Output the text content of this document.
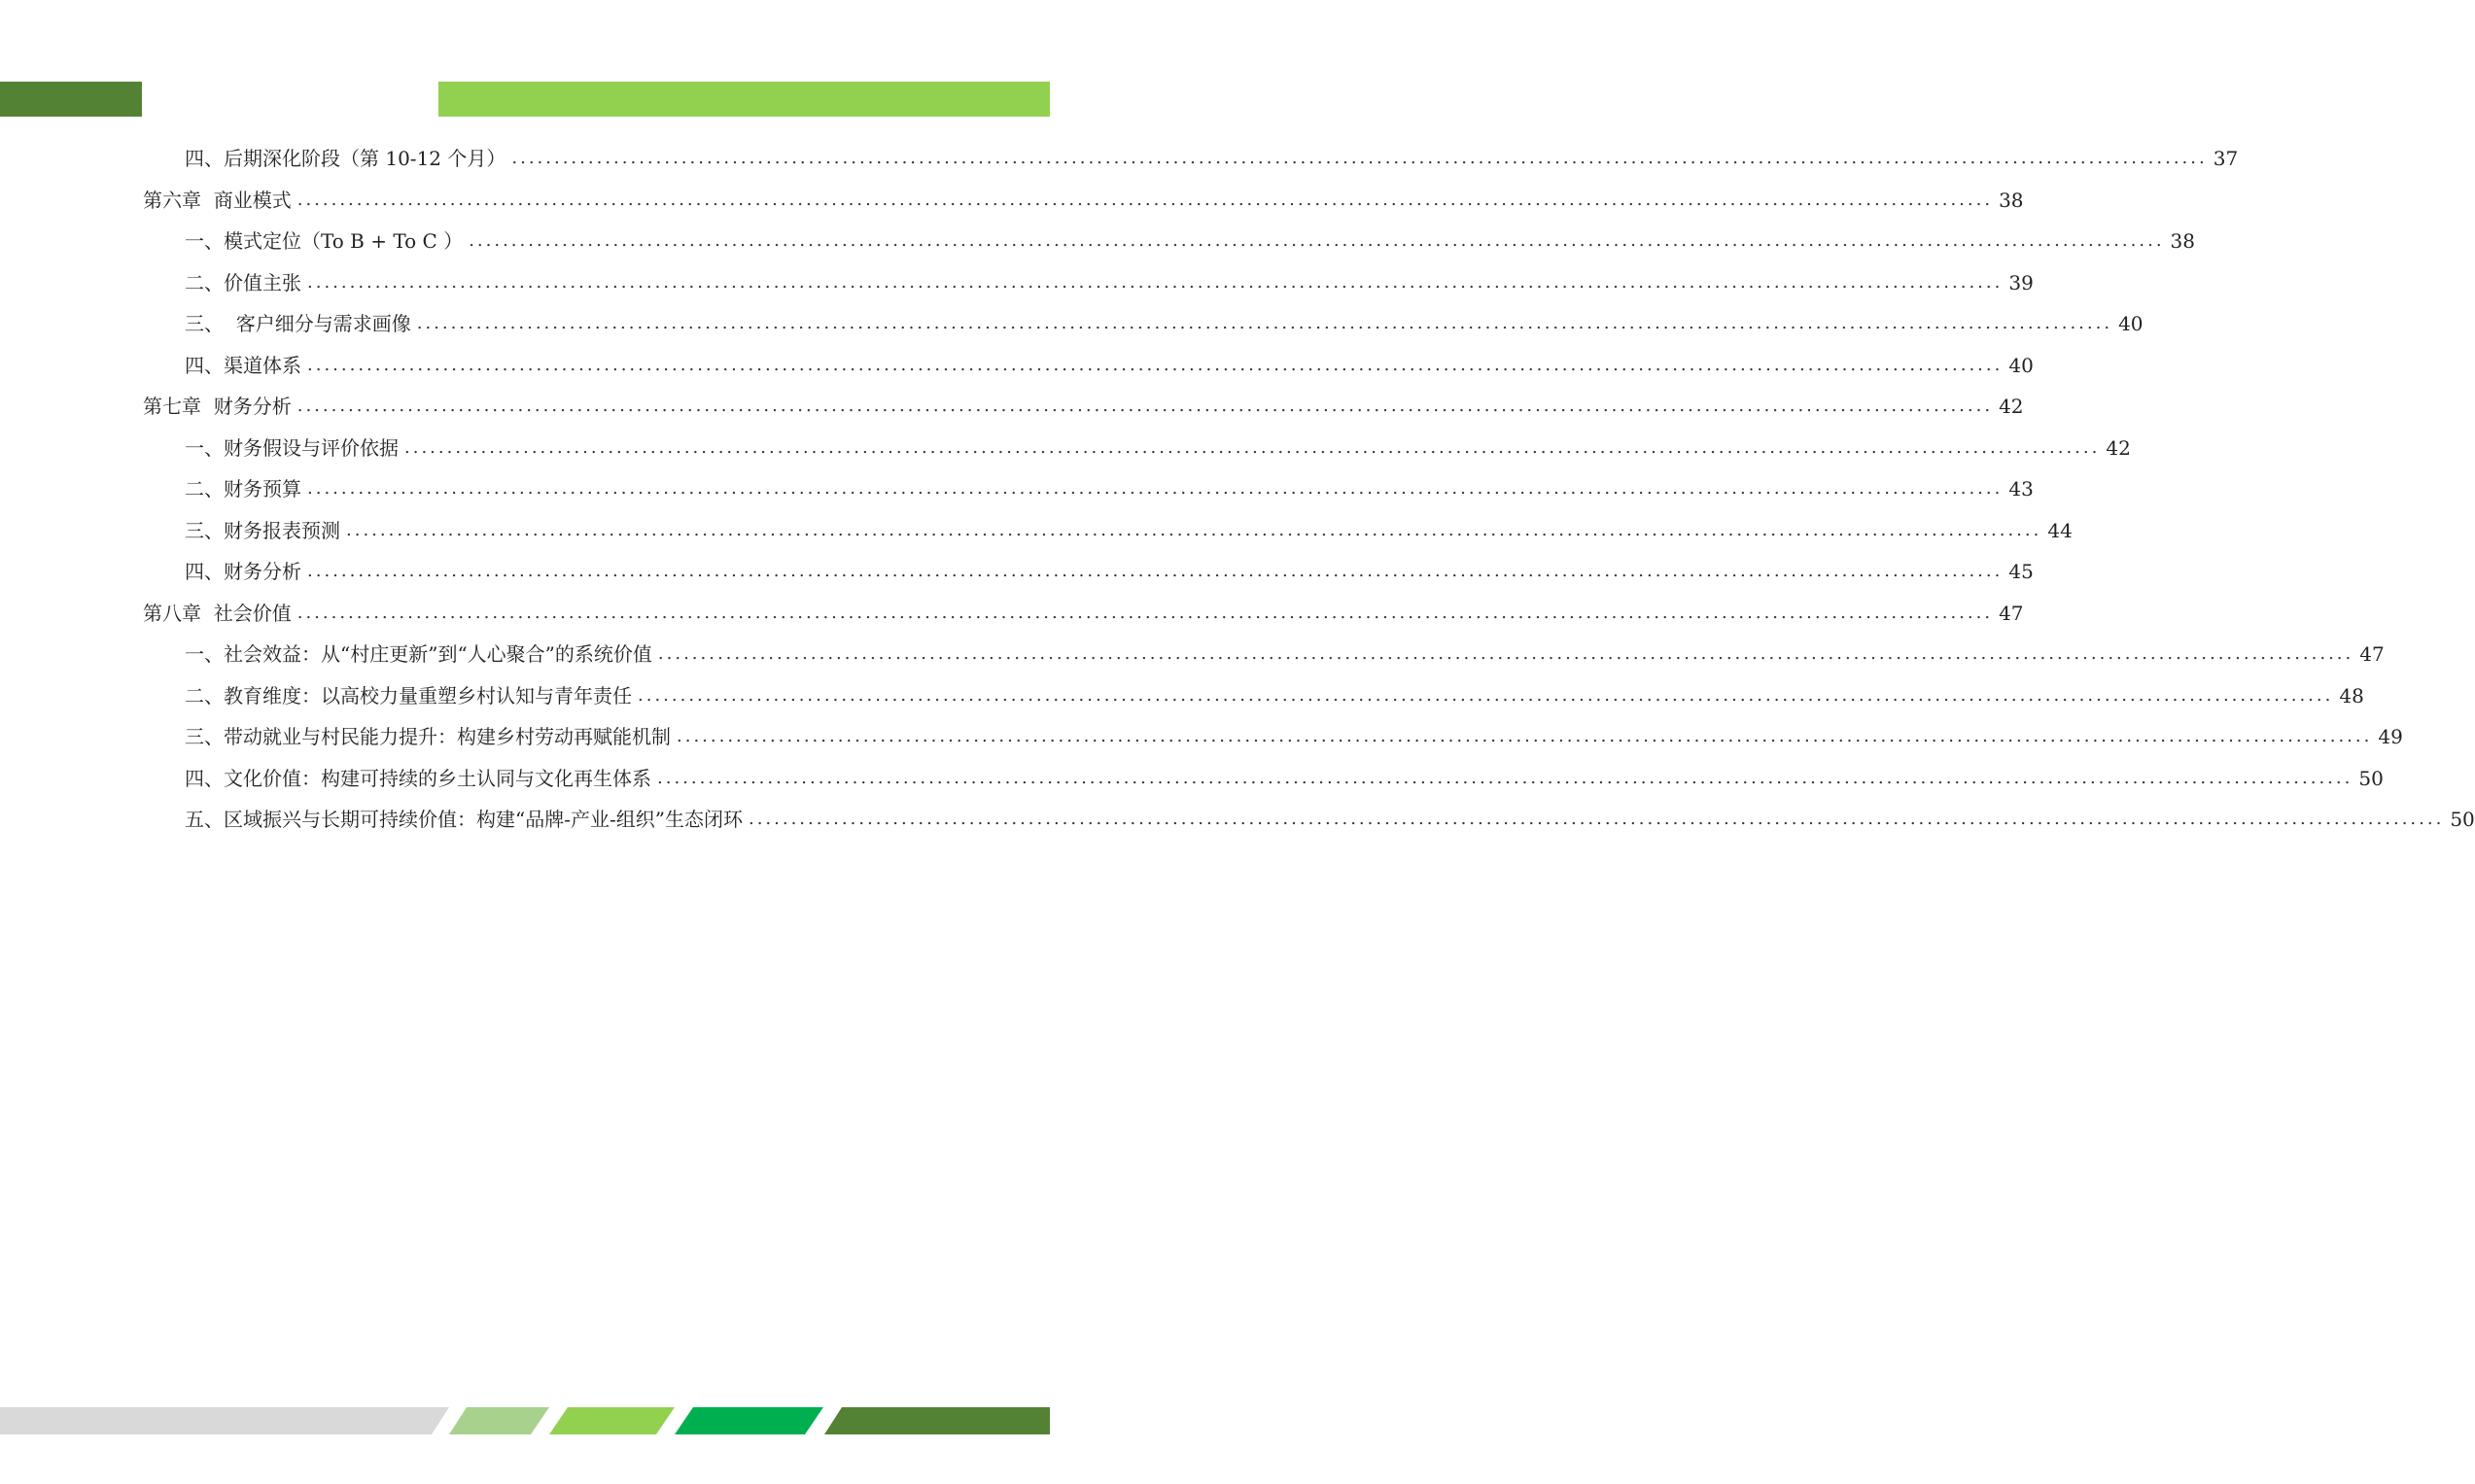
四、后期深化阶段（第 10-12 个月） ........................................................................................................................................................................................................ 37
第六章  商业模式 ........................................................................................................................................................................................................ 38
一、模式定位（To B + To C ） ........................................................................................................................................................................................................ 38
二、价值主张 ........................................................................................................................................................................................................ 39
三、  客户细分与需求画像 ........................................................................................................................................................................................................ 40
四、渠道体系 ........................................................................................................................................................................................................ 40
第七章  财务分析 ........................................................................................................................................................................................................ 42
一、财务假设与评价依据 ........................................................................................................................................................................................................ 42
二、财务预算 ........................................................................................................................................................................................................ 43
三、财务报表预测 ........................................................................................................................................................................................................ 44
四、财务分析 ........................................................................................................................................................................................................ 45
第八章  社会价值 ........................................................................................................................................................................................................ 47
一、社会效益：从“村庄更新”到“人心聚合”的系统价值 ........................................................................................................................................................................................................ 47
二、教育维度：以高校力量重塑乡村认知与青年责任 ........................................................................................................................................................................................................ 48
三、带动就业与村民能力提升：构建乡村劳动再赋能机制 ........................................................................................................................................................................................................ 49
四、文化价值：构建可持续的乡土认同与文化再生体系 ........................................................................................................................................................................................................ 50
五、区域振兴与长期可持续价值：构建“品牌-产业-组织”生态闭环 ........................................................................................................................................................................................................ 50
